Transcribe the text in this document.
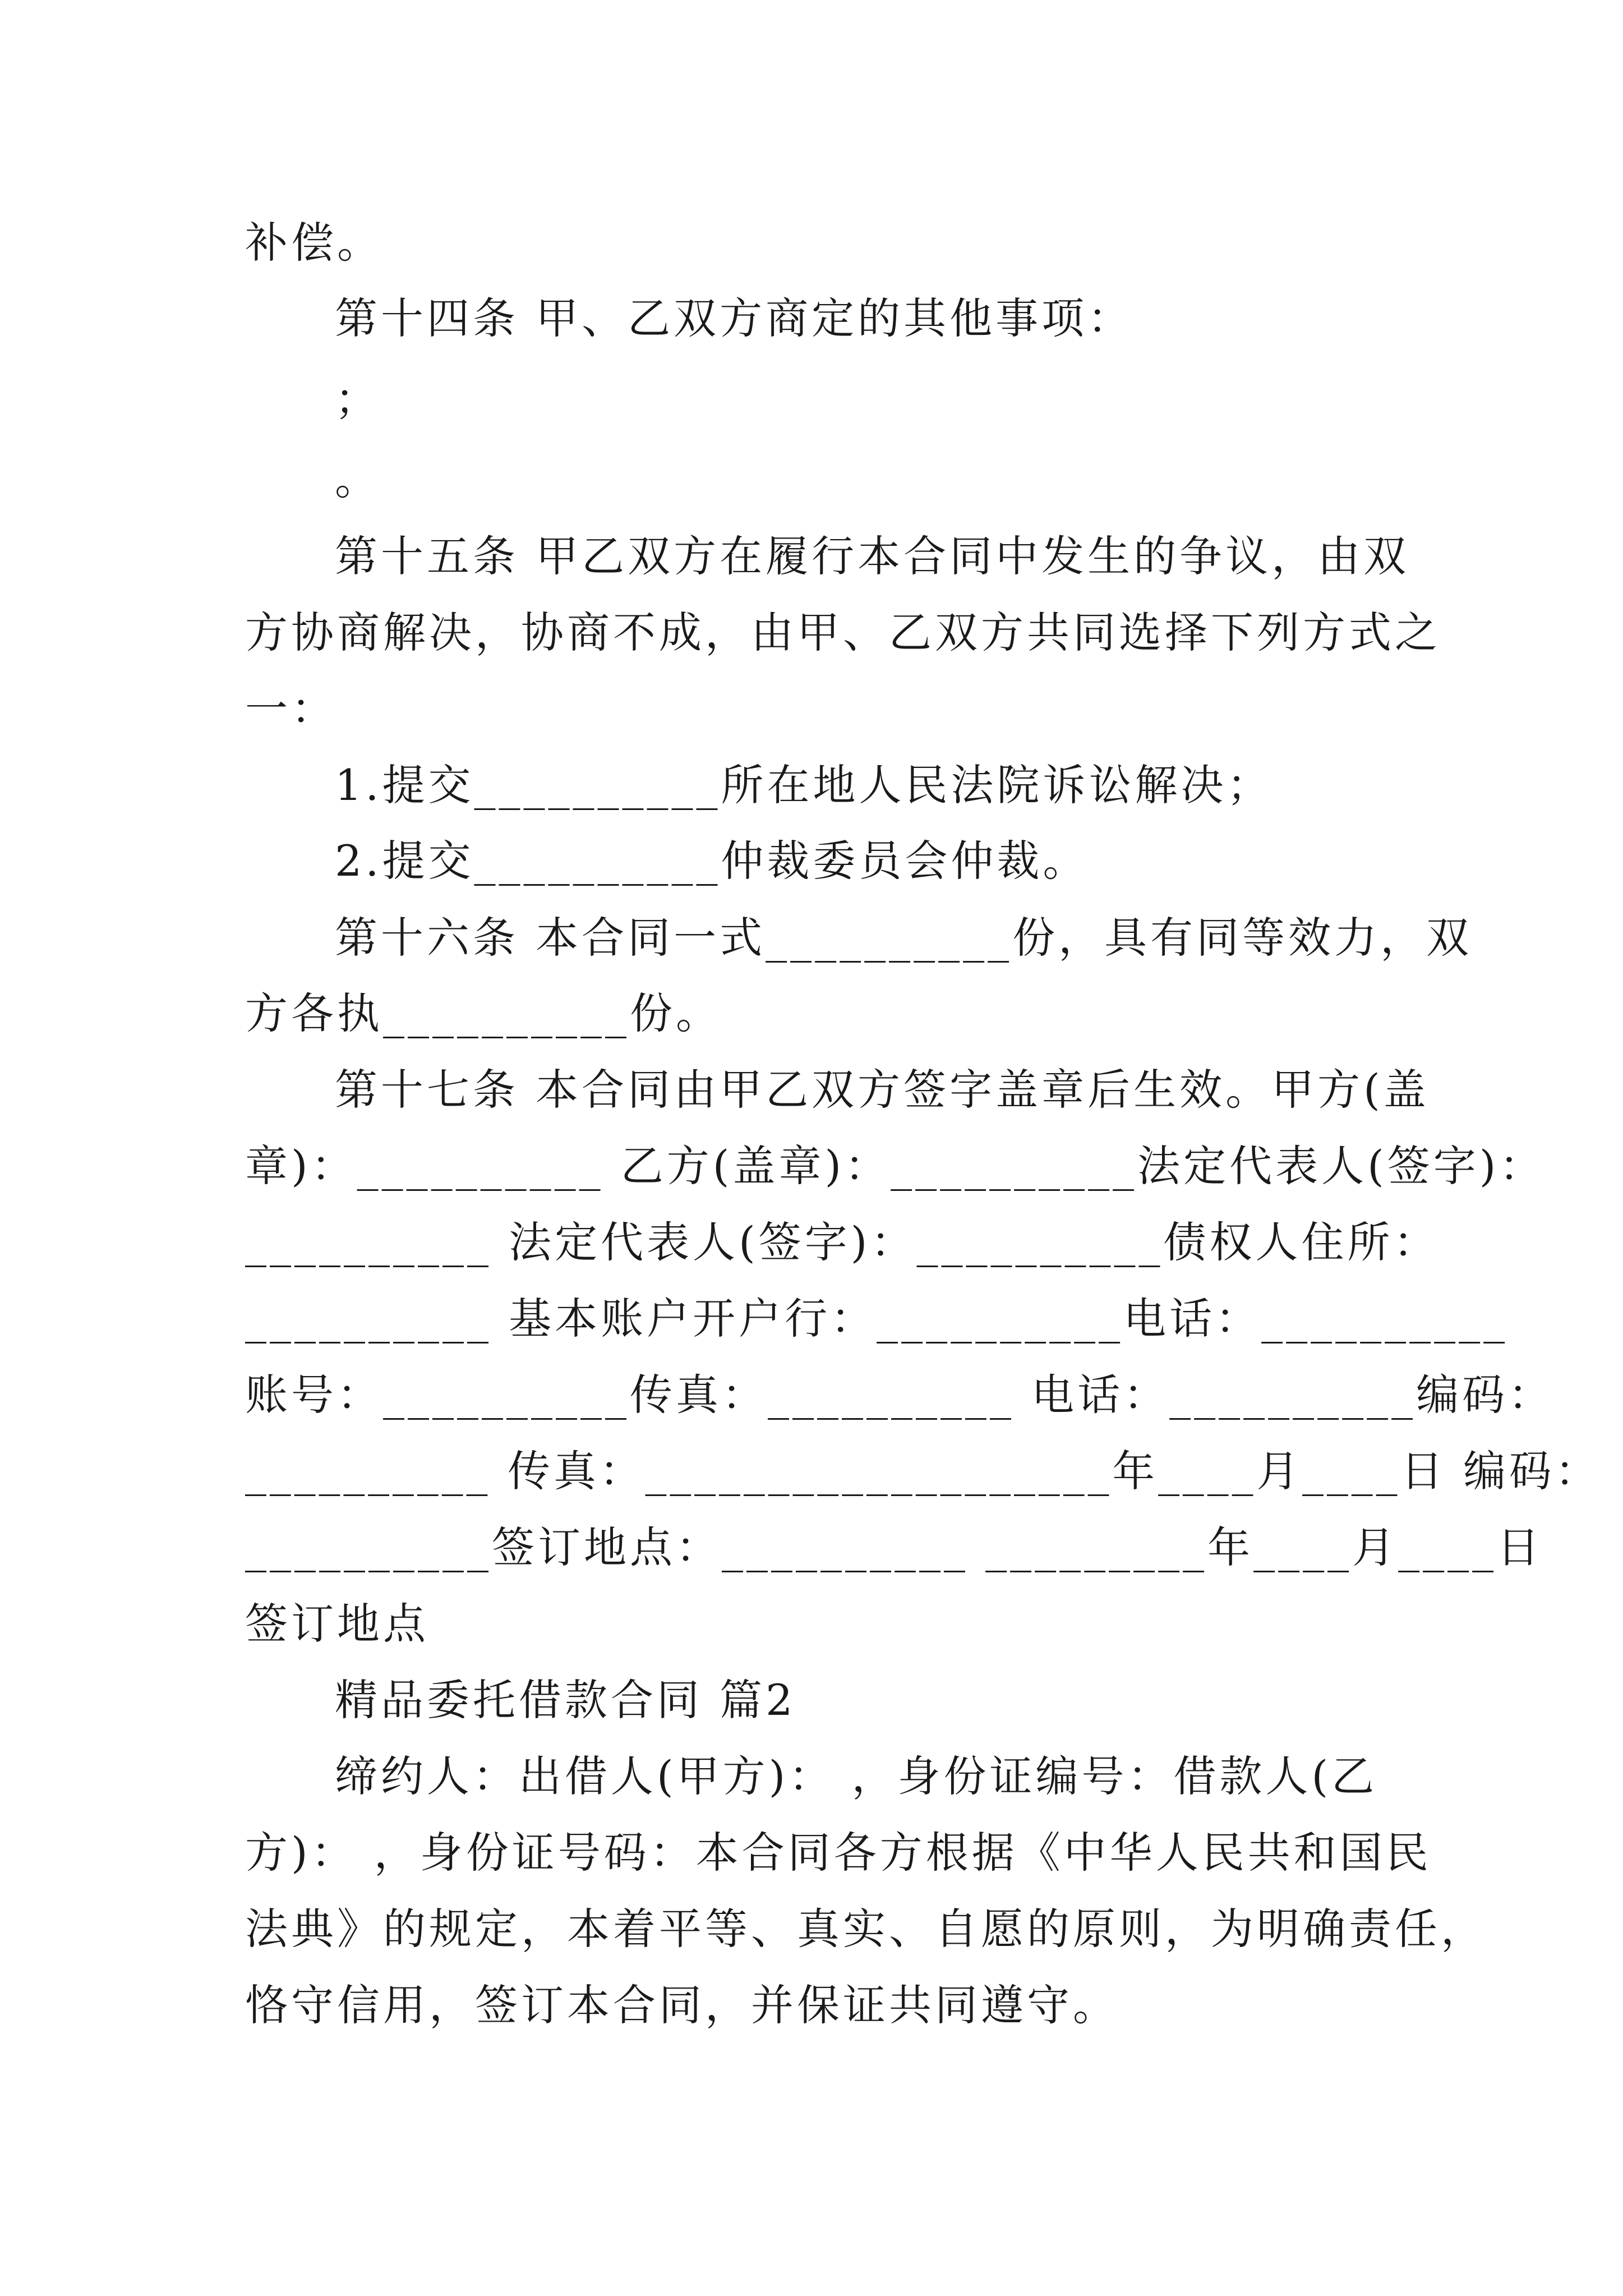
补偿。
第十四条 甲、乙双方商定的其他事项：
；
。
第十五条 甲乙双方在履行本合同中发生的争议，由双
方协商解决，协商不成，由甲、乙双方共同选择下列方式之
一：
1.提交__________所在地人民法院诉讼解决；
2.提交__________仲裁委员会仲裁。
第十六条 本合同一式__________份，具有同等效力，双
方各执__________份。
第十七条 本合同由甲乙双方签字盖章后生效。甲方(盖
章)：__________ 乙方(盖章)：__________法定代表人(签字)：
__________ 法定代表人(签字)：__________债权人住所：
__________ 基本账户开户行：__________电话：__________
账号：__________传真：__________ 电话：__________编码：
__________ 传真：___________________年____月____日 编码：
__________签订地点：__________ _________年____月____日
签订地点
精品委托借款合同 篇2
缔约人：出借人(甲方)： ，身份证编号：借款人(乙
方)： ，身份证号码：本合同各方根据《中华人民共和国民
法典》的规定，本着平等、真实、自愿的原则，为明确责任，
恪守信用，签订本合同，并保证共同遵守。
